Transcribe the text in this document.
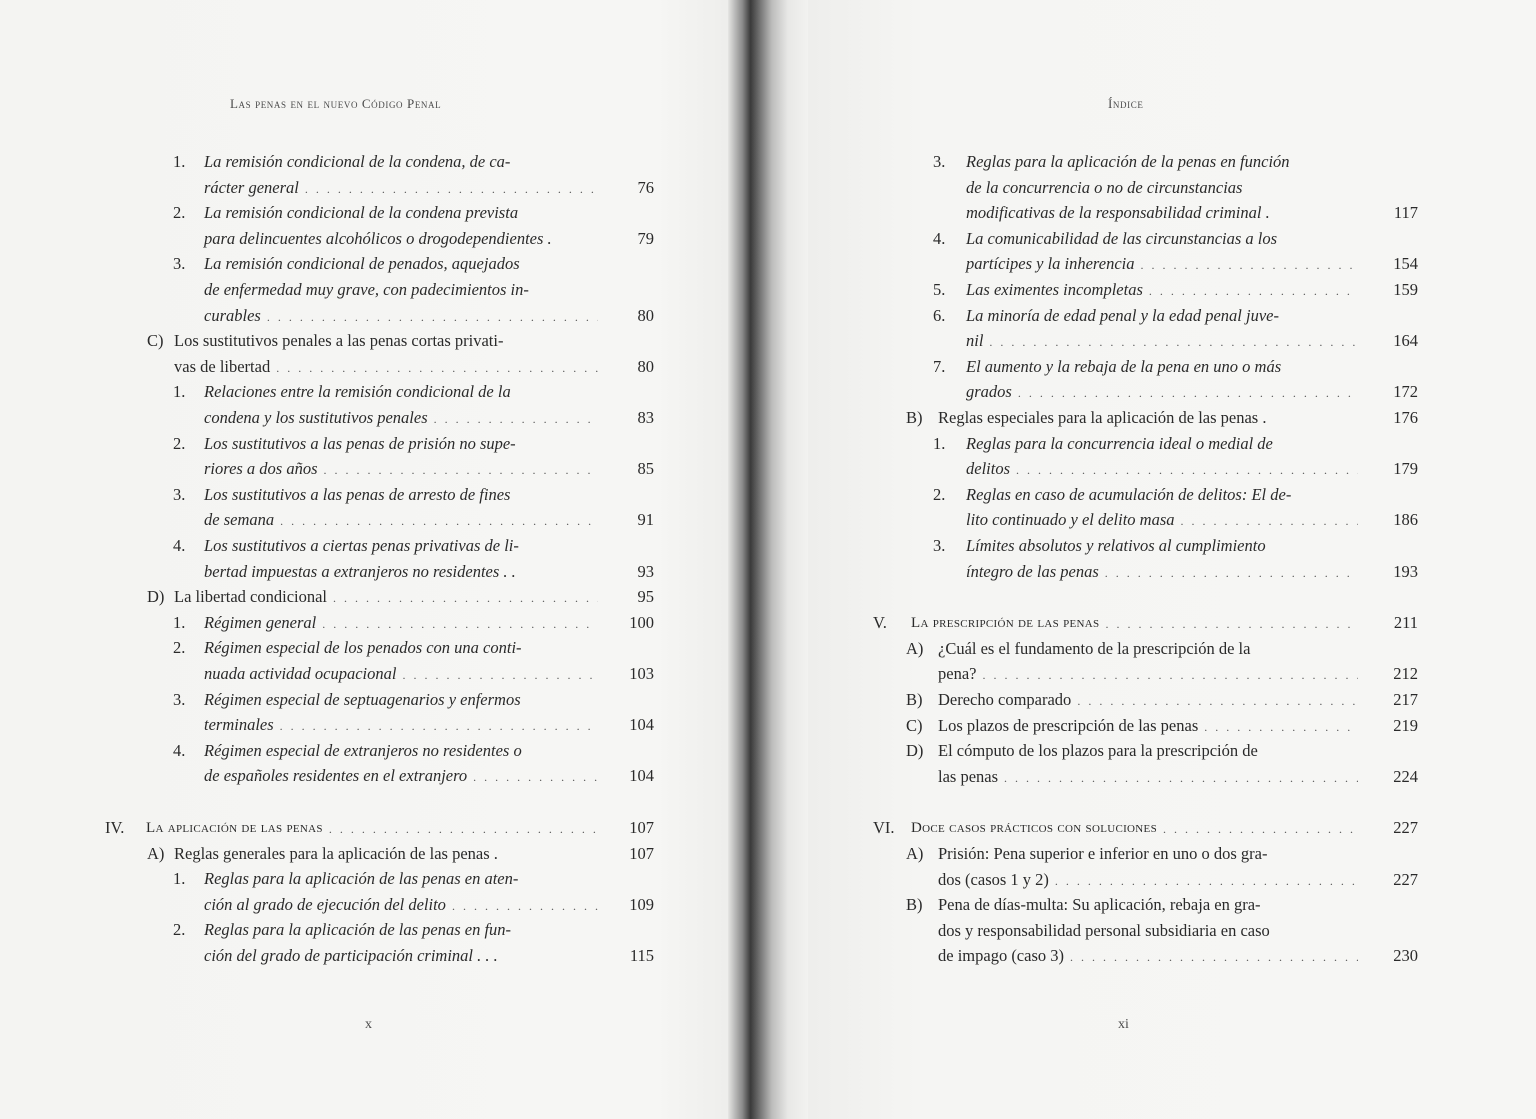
Las penas en el nuevo Código Penal
1. La remisión condicional de la condena, de ca-
rácter general	76
. . .
2. La remisión condicional de la condena prevista
para delincuentes alcohólicos o drogodependientes .	79
3. La remisión condicional de penados, aquejados
de enfermedad muy grave, con padecimientos in-
curables	80
. . .
C) Los sustitutivos penales a las penas cortas privati-
vas de libertad	80
. . .
1. Relaciones entre la remisión condicional de la
condena y los sustitutivos penales	83
. . .
2. Los sustitutivos a las penas de prisión no supe-
riores a dos años	85
. . .
3. Los sustitutivos a las penas de arresto de fines
de semana	91
. . .
4. Los sustitutivos a ciertas penas privativas de li-
bertad impuestas a extranjeros no residentes . .	93
D) La libertad condicional	95
. . .
1. Régimen general	100
. . .
2. Régimen especial de los penados con una conti-
nuada actividad ocupacional	103
. . .
3. Régimen especial de septuagenarios y enfermos
terminales	104
. . .
4. Régimen especial de extranjeros no residentes o
de españoles residentes en el extranjero	104
. . .
IV. La aplicación de las penas	107
. . .
A) Reglas generales para la aplicación de las penas .	107
1. Reglas para la aplicación de las penas en aten-
ción al grado de ejecución del delito	109
. . .
2. Reglas para la aplicación de las penas en fun-
ción del grado de participación criminal . . .	115
x
Índice
3. Reglas para la aplicación de la penas en función
de la concurrencia o no de circunstancias
modificativas de la responsabilidad criminal .	117
4. La comunicabilidad de las circunstancias a los
partícipes y la inherencia	154
. . .
5. Las eximentes incompletas	159
. . .
6. La minoría de edad penal y la edad penal juve-
nil	164
. . .
7. El aumento y la rebaja de la pena en uno o más
grados	172
. . .
B) Reglas especiales para la aplicación de las penas .	176
1. Reglas para la concurrencia ideal o medial de
delitos	179
. . .
2. Reglas en caso de acumulación de delitos: El de-
lito continuado y el delito masa	186
. . .
3. Límites absolutos y relativos al cumplimiento
íntegro de las penas	193
. . .
V. La prescripción de las penas	211
. . .
A) ¿Cuál es el fundamento de la prescripción de la
pena?	212
. . .
B) Derecho comparado	217
. . .
C) Los plazos de prescripción de las penas	219
. . .
D) El cómputo de los plazos para la prescripción de
las penas	224
. . .
VI. Doce casos prácticos con soluciones	227
. . .
A) Prisión: Pena superior e inferior en uno o dos gra-
dos (casos 1 y 2)	227
. . .
B) Pena de días-multa: Su aplicación, rebaja en gra-
dos y responsabilidad personal subsidiaria en caso
de impago (caso 3)	230
. . .
xi
